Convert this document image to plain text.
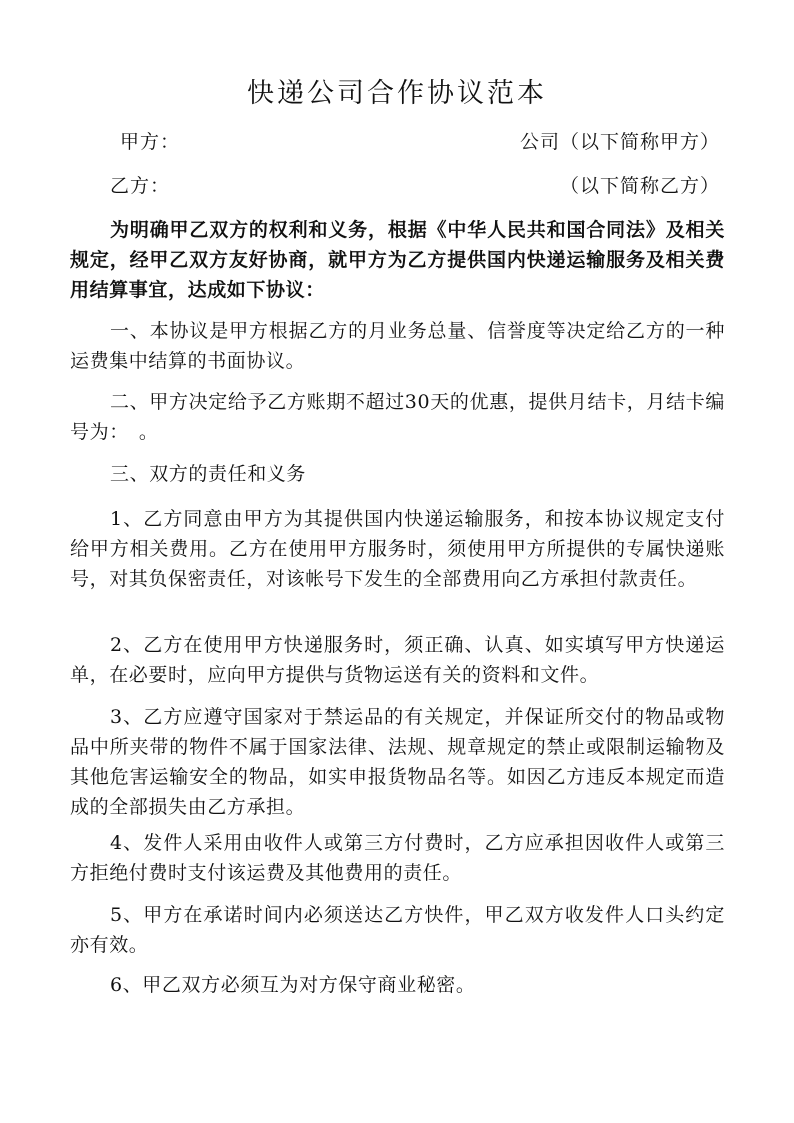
快递公司合作协议范本
甲方：	公司（以下简称甲方）
乙方：	（以下简称乙方）

为明确甲乙双方的权利和义务，根据《中华人民共和国合同法》及相关规定，经甲乙双方友好协商，就甲方为乙方提供国内快递运输服务及相关费用结算事宜，达成如下协议：

一、本协议是甲方根据乙方的月业务总量、信誉度等决定给乙方的一种运费集中结算的书面协议。

二、甲方决定给予乙方账期不超过30天的优惠，提供月结卡，月结卡编号为：　。

三、双方的责任和义务

1、乙方同意由甲方为其提供国内快递运输服务，和按本协议规定支付给甲方相关费用。乙方在使用甲方服务时，须使用甲方所提供的专属快递账号，对其负保密责任，对该帐号下发生的全部费用向乙方承担付款责任。

2、乙方在使用甲方快递服务时，须正确、认真、如实填写甲方快递运单，在必要时，应向甲方提供与货物运送有关的资料和文件。

3、乙方应遵守国家对于禁运品的有关规定，并保证所交付的物品或物品中所夹带的物件不属于国家法律、法规、规章规定的禁止或限制运输物及其他危害运输安全的物品，如实申报货物品名等。如因乙方违反本规定而造成的全部损失由乙方承担。

4、发件人采用由收件人或第三方付费时，乙方应承担因收件人或第三方拒绝付费时支付该运费及其他费用的责任。

5、甲方在承诺时间内必须送达乙方快件，甲乙双方收发件人口头约定亦有效。

6、甲乙双方必须互为对方保守商业秘密。
